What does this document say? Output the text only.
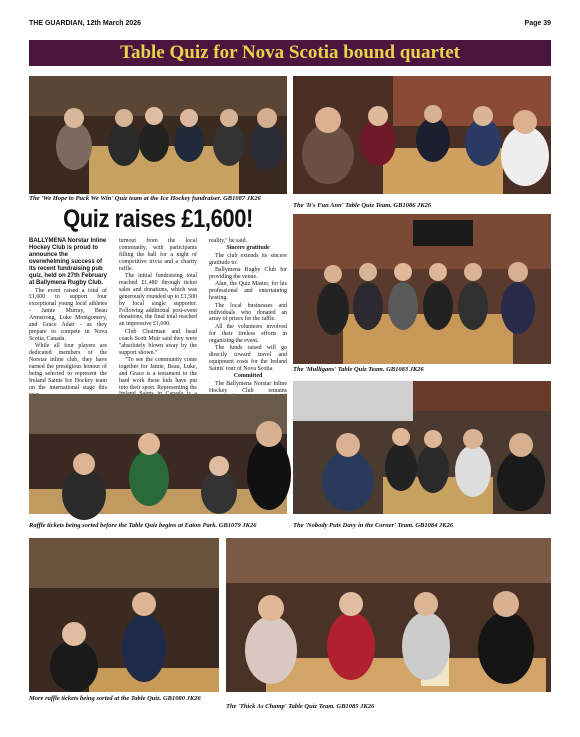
THE GUARDIAN, 12th March 2026	Page 39
Table Quiz for Nova Scotia bound quartet
The 'We Hope to Puck We Win' Quiz team at the Ice Hockey fundraiser. GB1087 JK26
The 'It's Fun Ann' Table Quiz Team. GB1086 JK26
Quiz raises £1,600!

BALLYMENA Norstar Inline Hockey Club is proud to announce the overwhelming success of its recent fundraising pub quiz, held on 27th February at Ballymena Rugby Club.

The event raised a total of £1,600 to support four exceptional young local athletes - Jamie Murray, Beau Armstrong, Luke Montgomery, and Grace Adair - as they prepare to compete in Nova Scotia, Canada.

While all four players are dedicated members of the Norstar inline club, they have earned the prestigious honour of being selected to represent the Ireland Saints Ice Hockey team on the international stage this

turnout from the local community, with participants filling the hall for a night of competitive trivia and a charity raffle.

The initial fundraising total reached £1,480 through ticket sales and donations, which was generously rounded up to £1,500 by local single supporter. Following additional post-event donations, the final total reached an impressive £1,600.

Club Chairman and head coach Scott Muir said they were "absolutely blown away by the support shown."

"To see the community come together for Jamie, Beau, Luke, and Grace is a testament to the hard work these kids have put into their sport. Representing the

reality," he said.

Sincere gratitude

The club extends its sincere gratitude to:

Ballymena Rugby Club for providing the venue.

Alan, the Quiz Master, for his professional and entertaining hosting.

The local businesses and individuals who donated an array of prizes for the raffle.

All the volunteers involved for their tireless efforts in organizing the event.

The funds raised will go directly toward travel and equipment costs for the Ireland Saints' tour of Nova Scotia.

Committed

The Ballymena Norstar Inline Hockey Club remains

The 'Mulligans' Table Quiz Team. GB1083 JK26
Raffle tickets being sorted before the Table Quiz begins at Eaton Park. GB1079 JK26	The 'Nobody Puts Davy in the Corner' Team. GB1084 JK26
More raffle tickets being sorted at the Table Quiz. GB1080 JK26
The 'Thick As Champ' Table Quiz Team. GB1085 JK26
